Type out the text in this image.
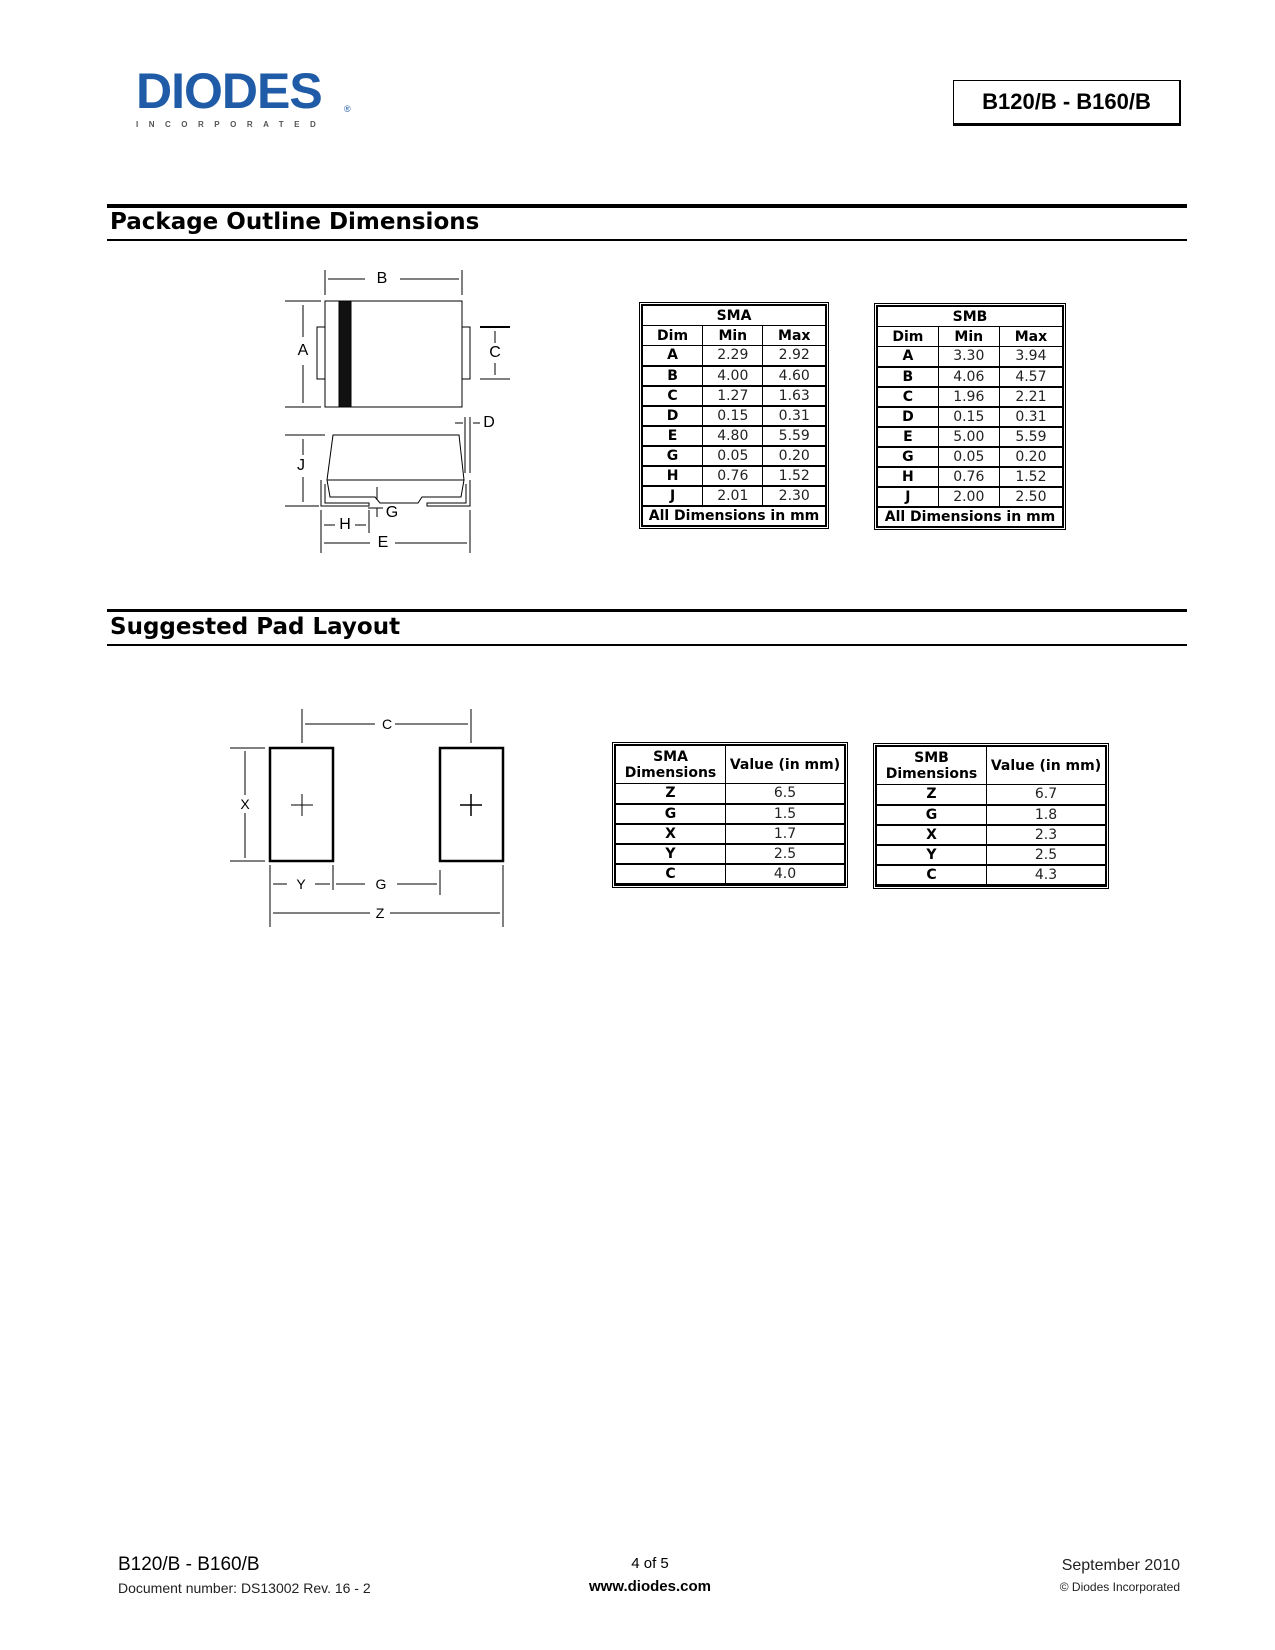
DIODES
INCORPORATED
®	B120/B - B160/B
Package Outline Dimensions
A
B
C
D
E
G
H
J
SMA		
Dim	Min	Max
A	2.29	2.92
B	4.00	4.60
C	1.27	1.63
D	0.15	0.31
E	4.80	5.59
G	0.05	0.20
H	0.76	1.52
J	2.01	2.30
All Dimensions in mm		
SMB		
Dim	Min	Max
A	3.30	3.94
B	4.06	4.57
C	1.96	2.21
D	0.15	0.31
E	5.00	5.59
G	0.05	0.20
H	0.76	1.52
J	2.00	2.50
All Dimensions in mm		
Suggested Pad Layout
C
X
Y	G
Z
SMA
Dimensions	Value (in mm)
Z	6.5
G	1.5
X	1.7
Y	2.5
C	4.0
SMB
Dimensions	Value (in mm)
Z	6.7
G	1.8
X	2.3
Y	2.5
C	4.3
B120/B - B160/B
Document number: DS13002 Rev. 16 - 2
4 of 5
www.diodes.com
September 2010
© Diodes Incorporated
